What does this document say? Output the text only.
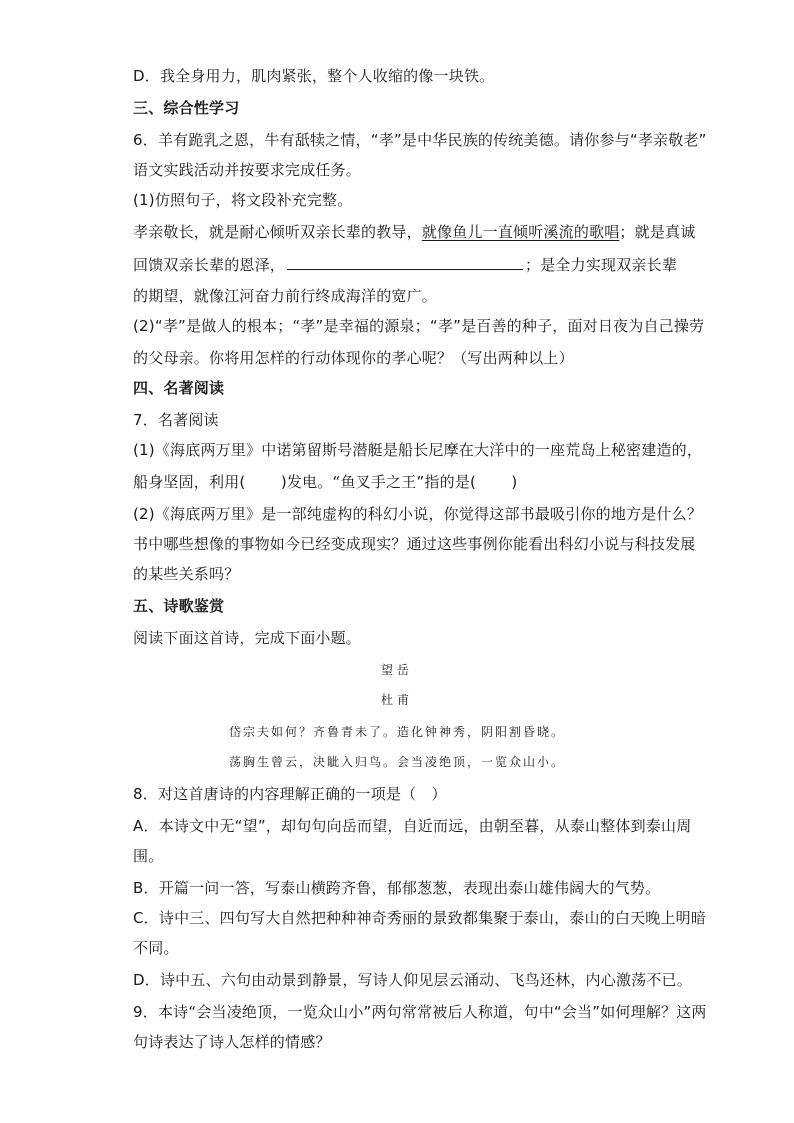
D．我全身用力，肌肉紧张，整个人收缩的像一块铁。
三、综合性学习
6．羊有跪乳之恩，牛有舐犊之情，“孝”是中华民族的传统美德。请你参与“孝亲敬老”
语文实践活动并按要求完成任务。
(1)仿照句子，将文段补充完整。
孝亲敬长，就是耐心倾听双亲长辈的教导，就像鱼儿一直倾听溪流的歌唱；就是真诚
回馈双亲长辈的恩泽，	；是全力实现双亲长辈
的期望，就像江河奋力前行终成海洋的宽广。
(2)“孝”是做人的根本；“孝”是幸福的源泉；“孝”是百善的种子，面对日夜为自己操劳
的父母亲。你将用怎样的行动体现你的孝心呢？（写出两种以上）
四、名著阅读
7．名著阅读
(1)《海底两万里》中诺第留斯号潜艇是船长尼摩在大洋中的一座荒岛上秘密建造的，
船身坚固，利用(　　 )发电。“鱼叉手之王”指的是(　　 )
(2)《海底两万里》是一部纯虚构的科幻小说，你觉得这部书最吸引你的地方是什么？
书中哪些想像的事物如今已经变成现实？通过这些事例你能看出科幻小说与科技发展
的某些关系吗？
五、诗歌鉴赏
阅读下面这首诗，完成下面小题。
望岳
杜甫
岱宗夫如何？齐鲁青未了。造化钟神秀，阴阳割昏晓。
荡胸生曾云，决眦入归鸟。会当凌绝顶，一览众山小。
8．对这首唐诗的内容理解正确的一项是（　）
A．本诗文中无“望”，却句句向岳而望，自近而远，由朝至暮，从泰山整体到泰山周
围。
B．开篇一问一答，写泰山横跨齐鲁，郁郁葱葱，表现出泰山雄伟阔大的气势。
C．诗中三、四句写大自然把种种神奇秀丽的景致都集聚于泰山，泰山的白天晚上明暗
不同。
D．诗中五、六句由动景到静景，写诗人仰见层云涌动、飞鸟还林，内心激荡不已。
9．本诗“会当凌绝顶，一览众山小”两句常常被后人称道，句中“会当”如何理解？这两
句诗表达了诗人怎样的情感？
